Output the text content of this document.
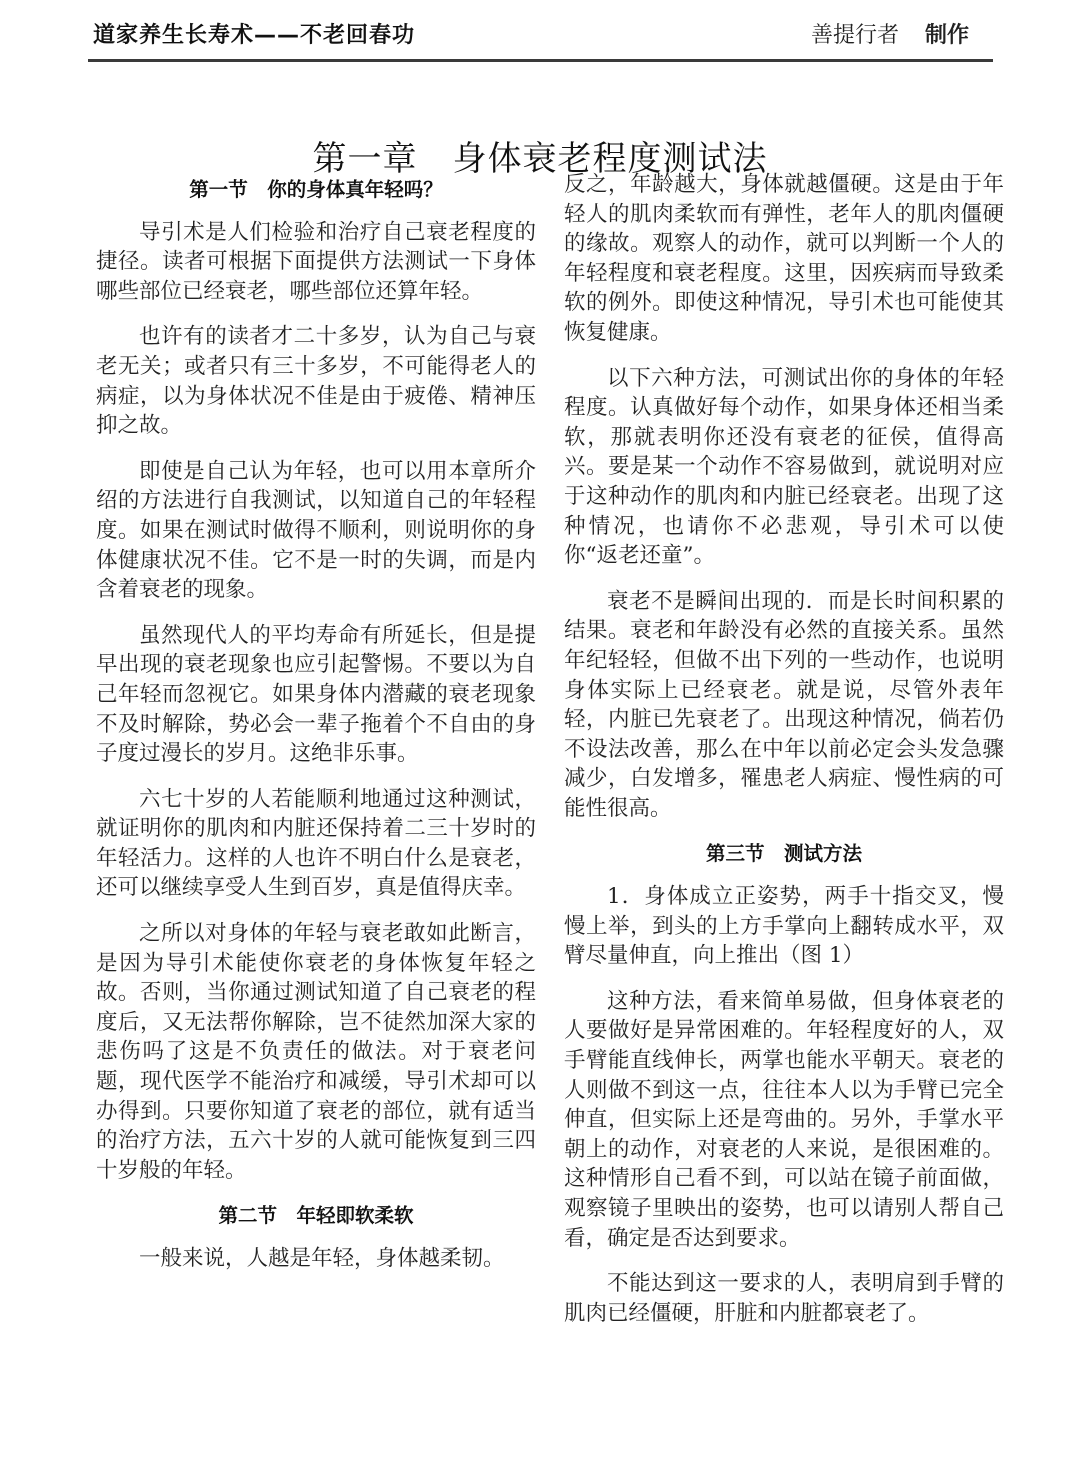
道家养生长寿术——不老回春功	善提行者 制作
第一章　身体衰老程度测试法
第一节　你的身体真年轻吗？

导引术是人们检验和治疗自己衰老程度的捷径。读者可根据下面提供方法测试一下身体哪些部位已经衰老，哪些部位还算年轻。

也许有的读者才二十多岁，认为自己与衰老无关；或者只有三十多岁，不可能得老人的病症，以为身体状况不佳是由于疲倦、精神压抑之故。

即使是自己认为年轻，也可以用本章所介绍的方法进行自我测试，以知道自己的年轻程度。如果在测试时做得不顺利，则说明你的身体健康状况不佳。它不是一时的失调，而是内含着衰老的现象。

虽然现代人的平均寿命有所延长，但是提早出现的衰老现象也应引起警惕。不要以为自己年轻而忽视它。如果身体内潜藏的衰老现象不及时解除，势必会一辈子拖着个不自由的身子度过漫长的岁月。这绝非乐事。

六七十岁的人若能顺利地通过这种测试，就证明你的肌肉和内脏还保持着二三十岁时的年轻活力。这样的人也许不明白什么是衰老，还可以继续享受人生到百岁，真是值得庆幸。

之所以对身体的年轻与衰老敢如此断言，是因为导引术能使你衰老的身体恢复年轻之故。否则，当你通过测试知道了自己衰老的程度后，又无法帮你解除，岂不徒然加深大家的悲伤吗了这是不负责任的做法。对于衰老问题，现代医学不能治疗和减缓，导引术却可以办得到。只要你知道了衰老的部位，就有适当的治疗方法，五六十岁的人就可能恢复到三四十岁般的年轻。

第二节　年轻即软柔软

一般来说，人越是年轻，身体越柔韧。

反之，年龄越大，身体就越僵硬。这是由于年轻人的肌肉柔软而有弹性，老年人的肌肉僵硬的缘故。观察人的动作，就可以判断一个人的年轻程度和衰老程度。这里，因疾病而导致柔软的例外。即使这种情况，导引术也可能使其恢复健康。

以下六种方法，可测试出你的身体的年轻程度。认真做好每个动作，如果身体还相当柔软，那就表明你还没有衰老的征侯，值得高兴。要是某一个动作不容易做到，就说明对应于这种动作的肌肉和内脏已经衰老。出现了这种情况，也请你不必悲观，导引术可以使你“返老还童”。

衰老不是瞬间出现的．而是长时间积累的结果。衰老和年龄没有必然的直接关系。虽然年纪轻轻，但做不出下列的一些动作，也说明身体实际上已经衰老。就是说，尽管外表年轻，内脏已先衰老了。出现这种情况，倘若仍不设法改善，那么在中年以前必定会头发急骤减少，白发增多，罹患老人病症、慢性病的可能性很高。

第三节　测试方法

1．身体成立正姿势，两手十指交叉，慢慢上举，到头的上方手掌向上翻转成水平，双臂尽量伸直，向上推出（图 1）

这种方法，看来简单易做，但身体衰老的人要做好是异常困难的。年轻程度好的人，双手臂能直线伸长，两掌也能水平朝天。衰老的人则做不到这一点，往往本人以为手臂已完全伸直，但实际上还是弯曲的。另外，手掌水平朝上的动作，对衰老的人来说，是很困难的。这种情形自己看不到，可以站在镜子前面做，观察镜子里映出的姿势，也可以请别人帮自己看，确定是否达到要求。

不能达到这一要求的人，表明肩到手臂的肌肉已经僵硬，肝脏和内脏都衰老了。
